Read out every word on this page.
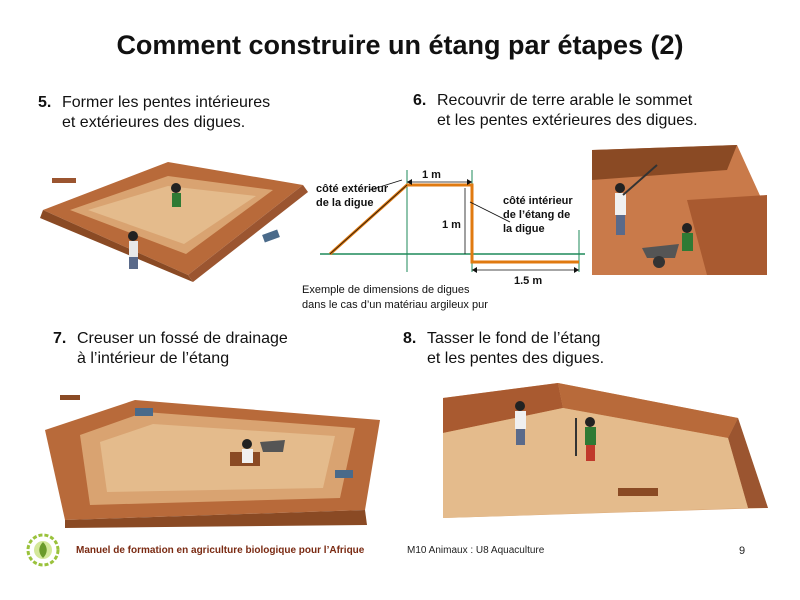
Comment construire un étang par étapes (2)
5. Former les pentes intérieures
et extérieures des digues.
6. Recouvrir de terre arable le sommet
et les pentes extérieures des digues.
7. Creuser un fossé de drainage
à l’intérieur de l’étang
8. Tasser le fond de l’étang
et les pentes des digues.
1 m
1 m
1.5 m
côté extérieur
de la digue	côté intérieur
de l’étang de
la digue
Exemple de dimensions de digues
dans le cas d’un matériau argileux pur
Manuel de formation en agriculture biologique pour l’Afrique	M10 Animaux : U8 Aquaculture	9
